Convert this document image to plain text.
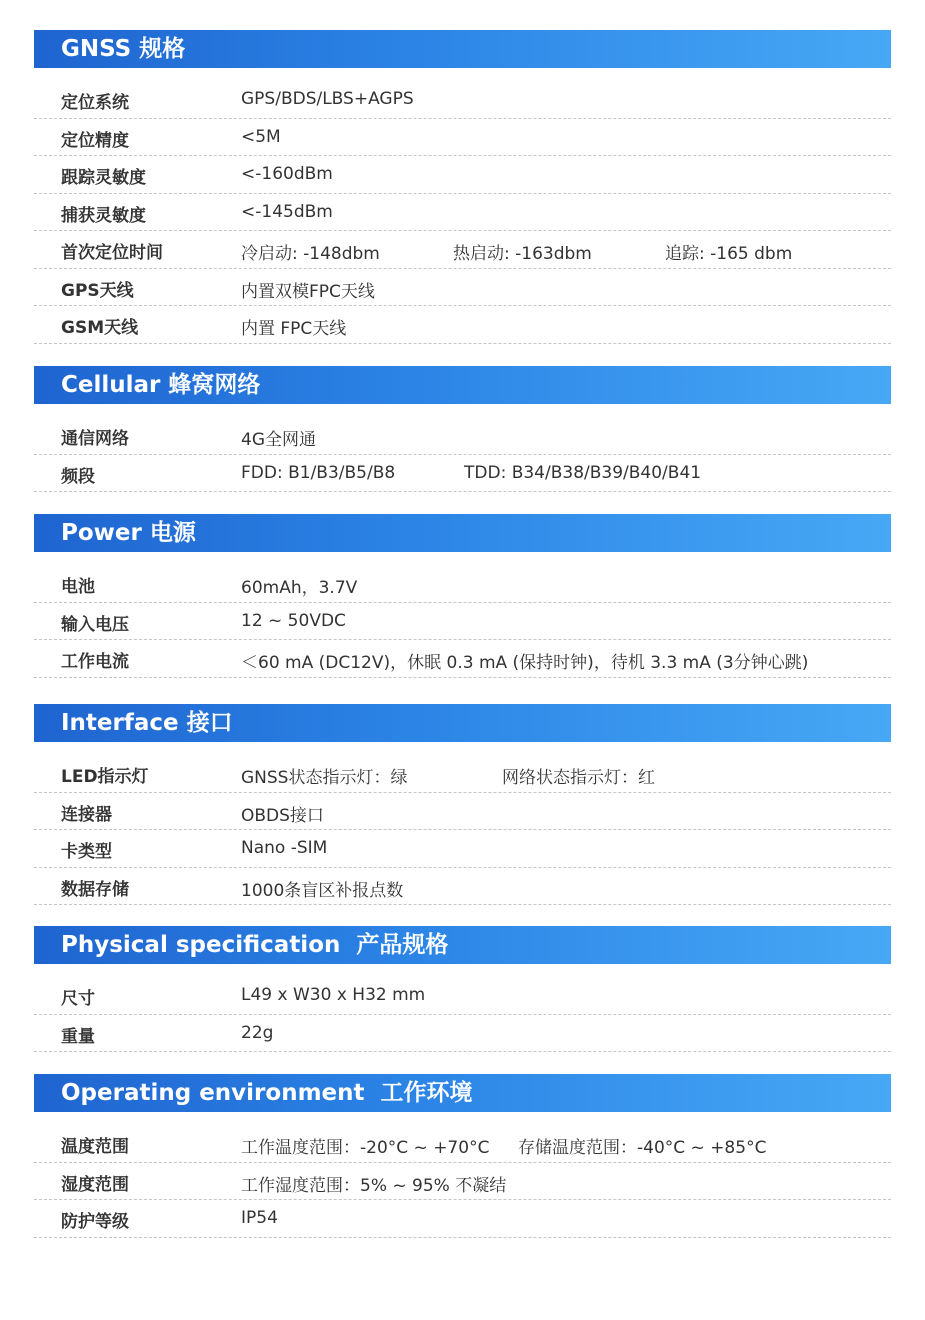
GNSS 规格
定位系统	GPS/BDS/LBS+AGPS
定位精度	<5M
跟踪灵敏度	<-160dBm
捕获灵敏度	<-145dBm
首次定位时间	冷启动: -148dbm	热启动: -163dbm	追踪: -165 dbm
GPS天线	内置双模FPC天线
GSM天线	内置 FPC天线
Cellular 蜂窝网络
通信网络	4G全网通
频段	FDD: B1/B3/B5/B8	TDD: B34/B38/B39/B40/B41
Power 电源
电池	60mAh，3.7V
输入电压	12 ~ 50VDC
工作电流	＜60 mA (DC12V)，休眠 0.3 mA (保持时钟)，待机 3.3 mA (3分钟心跳)
Interface 接口
LED指示灯	GNSS状态指示灯：绿	网络状态指示灯：红
连接器	OBDS接口
卡类型	Nano -SIM
数据存储	1000条盲区补报点数
Physical specification  产品规格
尺寸	L49 x W30 x H32 mm
重量	22g
Operating environment  工作环境
温度范围	工作温度范围：-20°C ~ +70°C 存储温度范围：-40°C ~ +85°C
湿度范围	工作湿度范围：5% ~ 95% 不凝结
防护等级	IP54
